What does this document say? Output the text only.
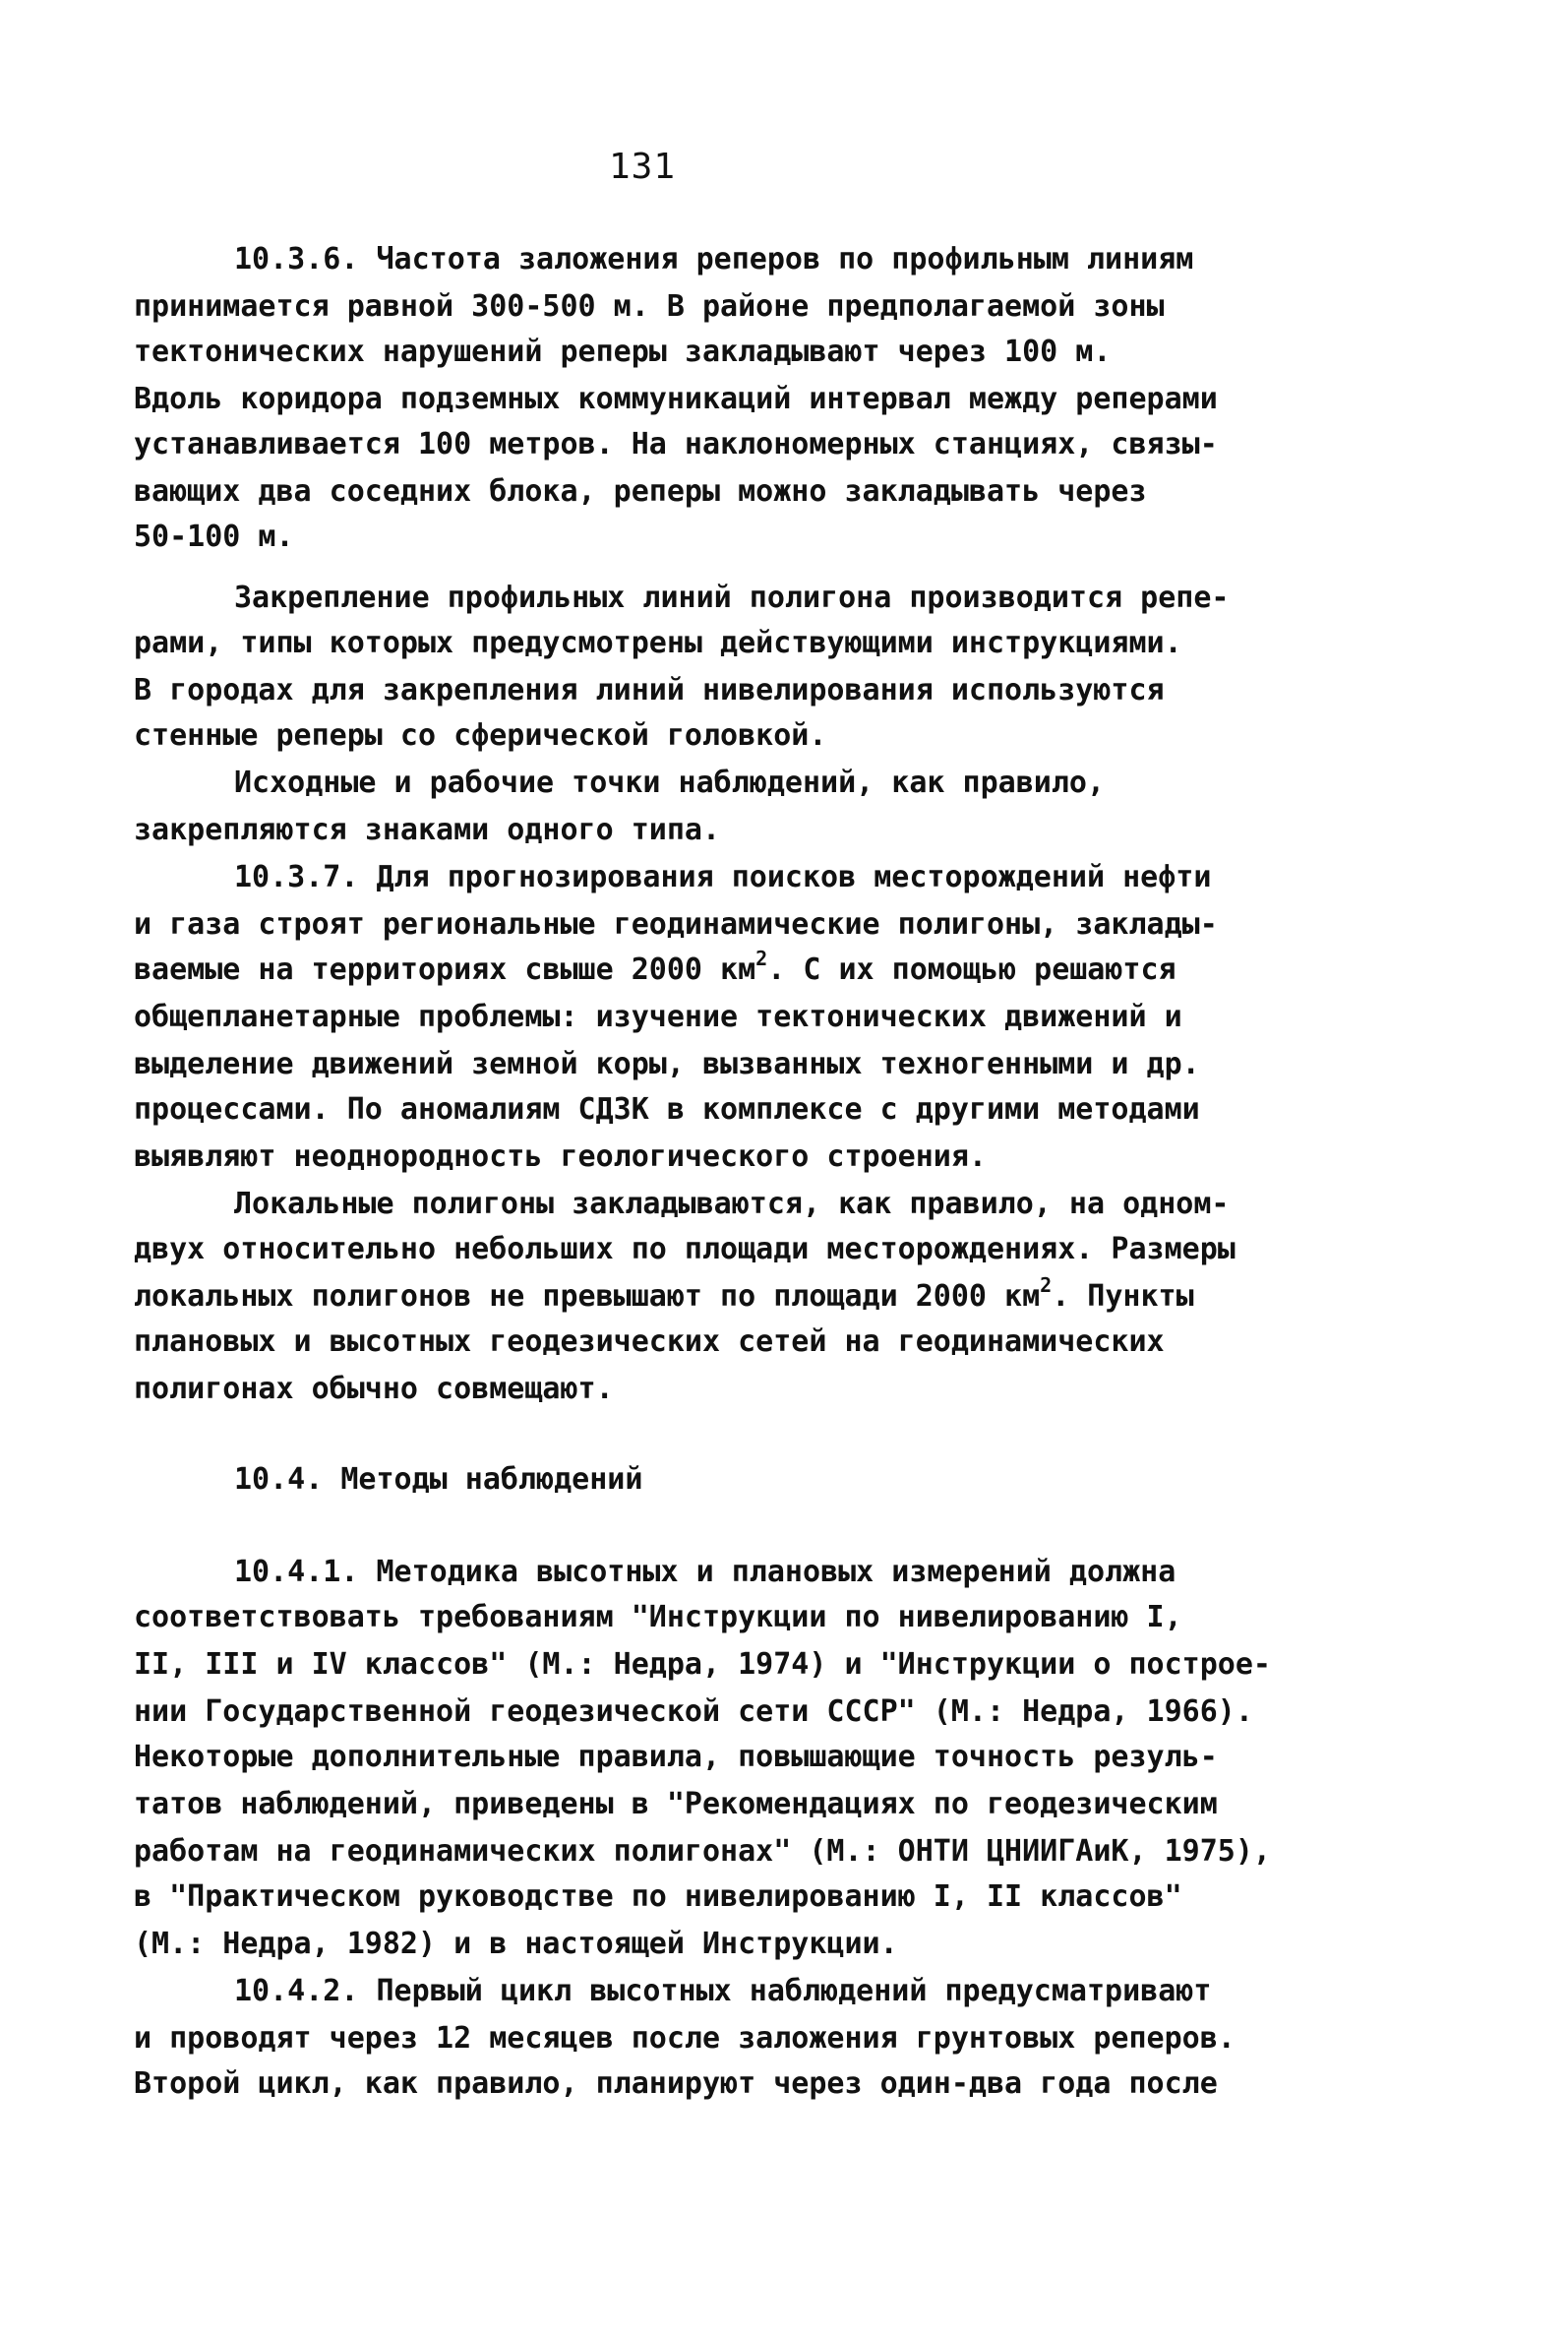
131
10.3.6. Частота заложения реперов по профильным линиям
принимается равной 300-500 м. В районе предполагаемой зоны
тектонических нарушений реперы закладывают через 100 м.
Вдоль коридора подземных коммуникаций интервал между реперами
устанавливается 100 метров. На наклономерных станциях, связы-
вающих два соседних блока, реперы можно закладывать через
50-100 м.
Закрепление профильных линий полигона производится репе-
рами, типы которых предусмотрены действующими инструкциями.
В городах для закрепления линий нивелирования используются
стенные реперы со сферической головкой.
Исходные и рабочие точки наблюдений, как правило,
закрепляются знаками одного типа.
10.3.7. Для прогнозирования поисков месторождений нефти
и газа строят региональные геодинамические полигоны, заклады-
ваемые на территориях свыше 2000 $км^2$. С их помощью решаются
общепланетарные проблемы: изучение тектонических движений и
выделение движений земной коры, вызванных техногенными и др.
процессами. По аномалиям СДЗК в комплексе с другими методами
выявляют неоднородность геологического строения.
Локальные полигоны закладываются, как правило, на одном-
двух относительно небольших по площади месторождениях. Размеры
локальных полигонов не превышают по площади 2000 $км^2$. Пункты
плановых и высотных геодезических сетей на геодинамических
полигонах обычно совмещают.
10.4. Методы наблюдений
10.4.1. Методика высотных и плановых измерений должна
соответствовать требованиям "Инструкции по нивелированию I,
II, III и IV классов" (М.: Недра, 1974) и "Инструкции о построе-
нии Государственной геодезической сети СССР" (М.: Недра, 1966).
Некоторые дополнительные правила, повышающие точность резуль-
татов наблюдений, приведены в "Рекомендациях по геодезическим
работам на геодинамических полигонах" (М.: ОНТИ ЦНИИГАиК, 1975),
в "Практическом руководстве по нивелированию I, II классов"
(М.: Недра, 1982) и в настоящей Инструкции.
10.4.2. Первый цикл высотных наблюдений предусматривают
и проводят через 12 месяцев после заложения грунтовых реперов.
Второй цикл, как правило, планируют через один-два года после
